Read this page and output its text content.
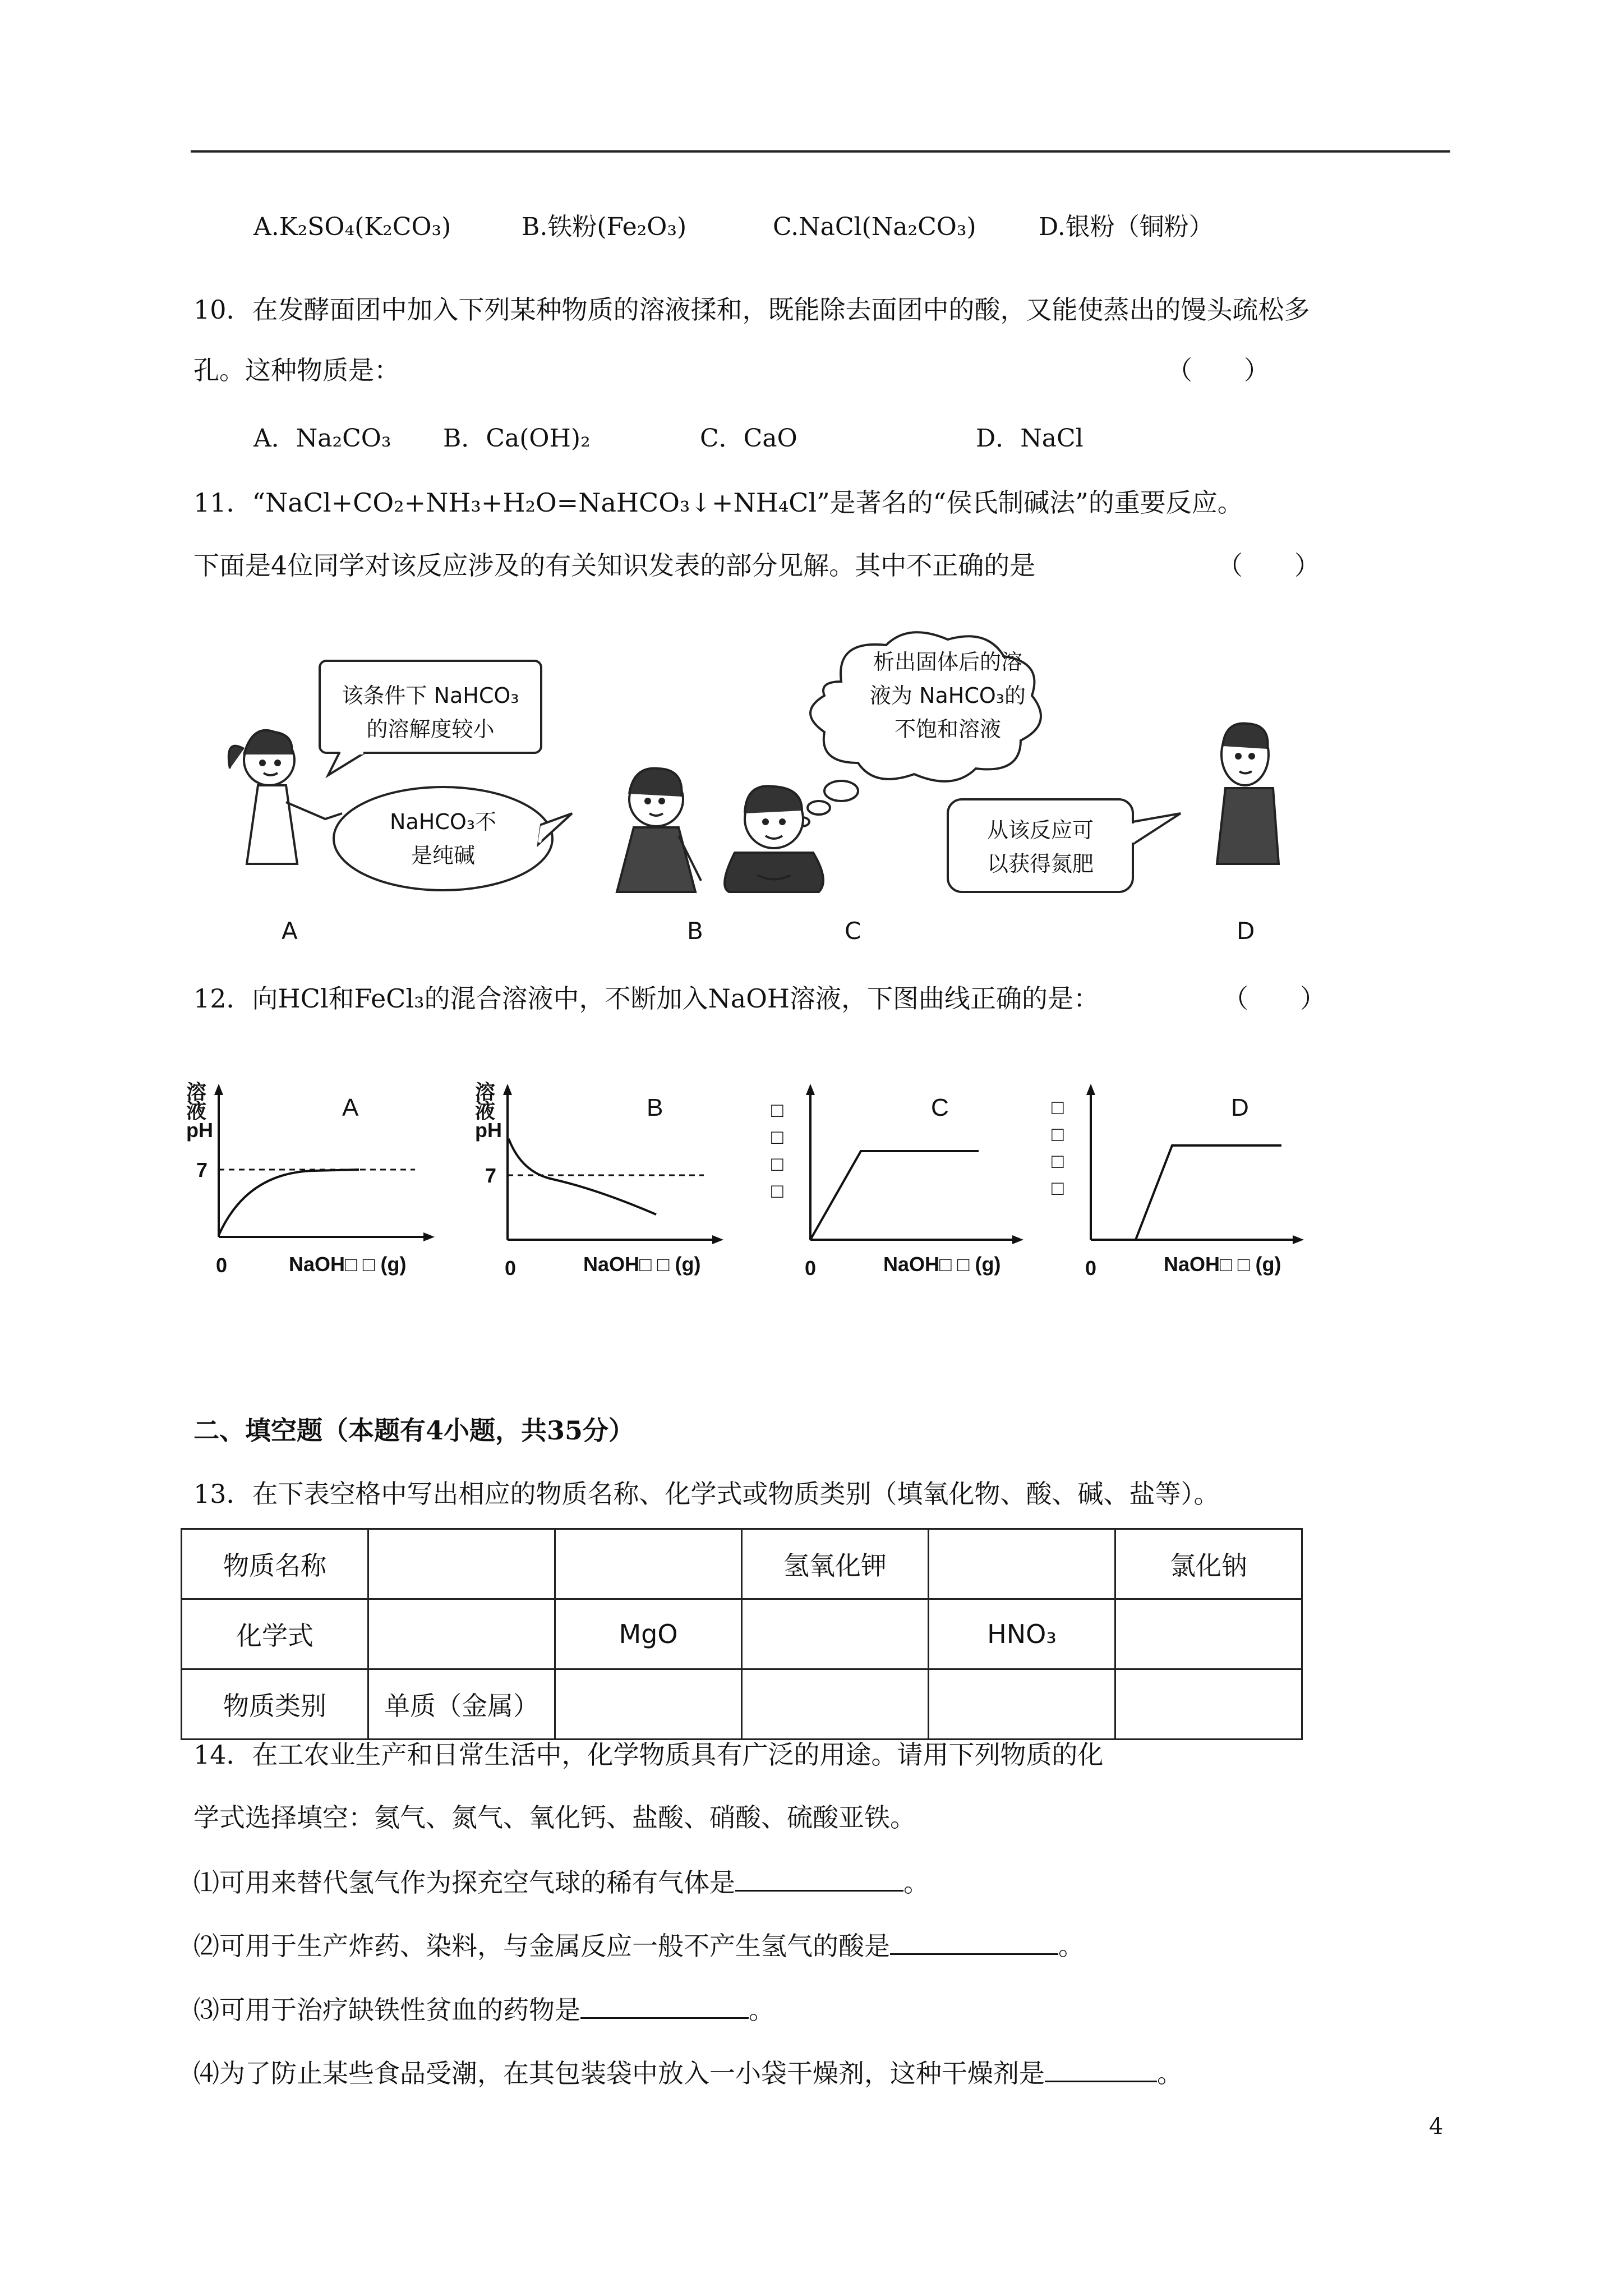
A.K₂SO₄(K₂CO₃)	B.铁粉(Fe₂O₃)	C.NaCl(Na₂CO₃)	D.银粉（铜粉）
10．在发酵面团中加入下列某种物质的溶液揉和，既能除去面团中的酸，又能使蒸出的馒头疏松多
孔。这种物质是：	（　　）
A．Na₂CO₃ B．Ca(OH)₂	C．CaO	D．NaCl
11．“NaCl+CO₂+NH₃+H₂O=NaHCO₃↓+NH₄Cl”是著名的“侯氏制碱法”的重要反应。
下面是4位同学对该反应涉及的有关知识发表的部分见解。其中不正确的是	（　　）
该条件下 NaHCO₃
的溶解度较小
NaHCO₃不
是纯碱
析出固体后的溶
液为 NaHCO₃的
不饱和溶液
从该反应可
以获得氮肥
A	B	C	D
12．向HCl和FeCl₃的混合溶液中，不断加入NaOH溶液，下图曲线正确的是：	（　　）
溶
液
pH
7
A
0	NaOH□ □ (g)
溶
液
pH
7
B
0	NaOH□ □ (g)
□
□
□
□
C
0	NaOH□ □ (g)
□
□
□
□
D
0	NaOH□ □ (g)
二、填空题（本题有4小题，共35分）
13．在下表空格中写出相应的物质名称、化学式或物质类别（填氧化物、酸、碱、盐等）。
物质名称			氢氧化钾		氯化钠
化学式		MgO		HNO₃	
物质类别	单质（金属）				
14．在工农业生产和日常生活中，化学物质具有广泛的用途。请用下列物质的化
学式选择填空：氦气、氮气、氧化钙、盐酸、硝酸、硫酸亚铁。
⑴可用来替代氢气作为探充空气球的稀有气体是	。
⑵可用于生产炸药、染料，与金属反应一般不产生氢气的酸是	。
⑶可用于治疗缺铁性贫血的药物是	。
⑷为了防止某些食品受潮，在其包装袋中放入一小袋干燥剂，这种干燥剂是	。
4
